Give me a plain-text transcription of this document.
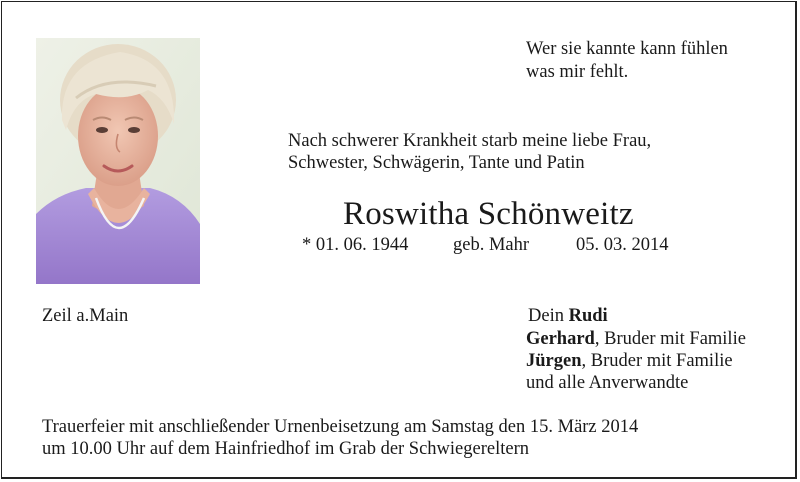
Wer sie kannte kann fühlen
was mir fehlt.
Nach schwerer Krankheit starb meine liebe Frau,
Schwester, Schwägerin, Tante und Patin
Roswitha Schönweitz
* 01. 06. 1944 geb. Mahr	05. 03. 2014
Zeil a.Main	Dein Rudi
Gerhard, Bruder mit Familie
Jürgen, Bruder mit Familie
und alle Anverwandte
Trauerfeier mit anschließender Urnenbeisetzung am Samstag den 15. März 2014
um 10.00 Uhr auf dem Hainfriedhof im Grab der Schwiegereltern
